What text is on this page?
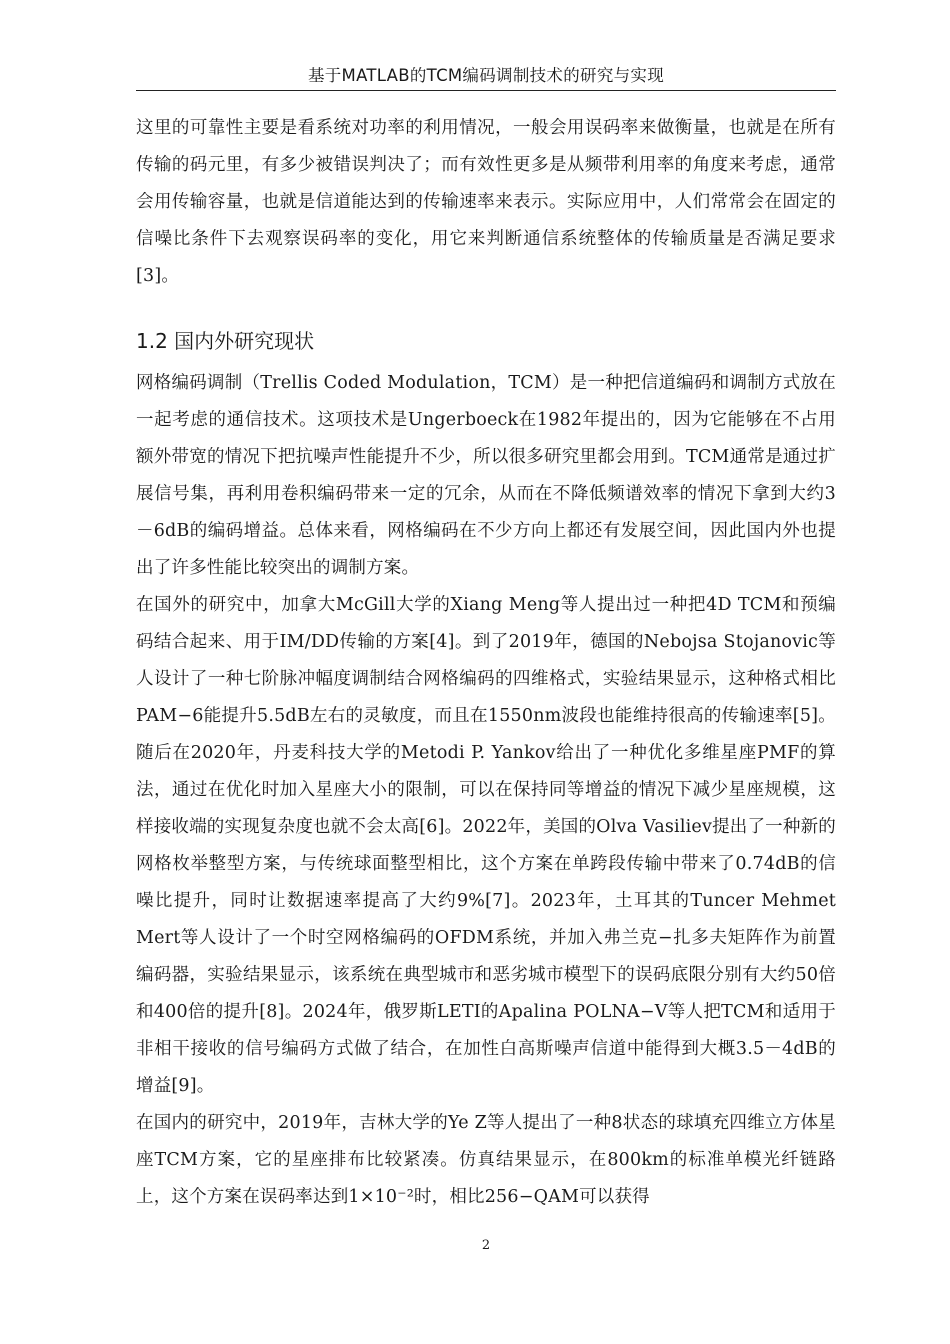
基于MATLAB的TCM编码调制技术的研究与实现

这里的可靠性主要是看系统对功率的利用情况，一般会用误码率来做衡量，也就是在所有传输的码元里，有多少被错误判决了；而有效性更多是从频带利用率的角度来考虑，通常会用传输容量，也就是信道能达到的传输速率来表示。实际应用中，人们常常会在固定的信噪比条件下去观察误码率的变化，用它来判断通信系统整体的传输质量是否满足要求[3]。

1.2 国内外研究现状

网格编码调制（Trellis Coded Modulation，TCM）是一种把信道编码和调制方式放在一起考虑的通信技术。这项技术是Ungerboeck在1982年提出的，因为它能够在不占用额外带宽的情况下把抗噪声性能提升不少，所以很多研究里都会用到。TCM通常是通过扩展信号集，再利用卷积编码带来一定的冗余，从而在不降低频谱效率的情况下拿到大约3－6dB的编码增益。总体来看，网格编码在不少方向上都还有发展空间，因此国内外也提出了许多性能比较突出的调制方案。

在国外的研究中，加拿大McGill大学的Xiang Meng等人提出过一种把4D TCM和预编码结合起来、用于IM/DD传输的方案[4]。到了2019年，德国的Nebojsa Stojanovic等人设计了一种七阶脉冲幅度调制结合网格编码的四维格式，实验结果显示，这种格式相比PAM−6能提升5.5dB左右的灵敏度，而且在1550nm波段也能维持很高的传输速率[5]。随后在2020年，丹麦科技大学的Metodi P. Yankov给出了一种优化多维星座PMF的算法，通过在优化时加入星座大小的限制，可以在保持同等增益的情况下减少星座规模，这样接收端的实现复杂度也就不会太高[6]。2022年，美国的Olva Vasiliev提出了一种新的网格枚举整型方案，与传统球面整型相比，这个方案在单跨段传输中带来了0.74dB的信噪比提升，同时让数据速率提高了大约9%[7]。2023年，土耳其的Tuncer Mehmet Mert等人设计了一个时空网格编码的OFDM系统，并加入弗兰克−扎多夫矩阵作为前置编码器，实验结果显示，该系统在典型城市和恶劣城市模型下的误码底限分别有大约50倍和400倍的提升[8]。2024年，俄罗斯LETI的Apalina POLNA−V等人把TCM和适用于非相干接收的信号编码方式做了结合，在加性白高斯噪声信道中能得到大概3.5－4dB的增益[9]。

在国内的研究中，2019年，吉林大学的Ye Z等人提出了一种8状态的球填充四维立方体星座TCM方案，它的星座排布比较紧凑。仿真结果显示，在800km的标准单模光纤链路上，这个方案在误码率达到1×10⁻²时，相比256−QAM可以获得

2
